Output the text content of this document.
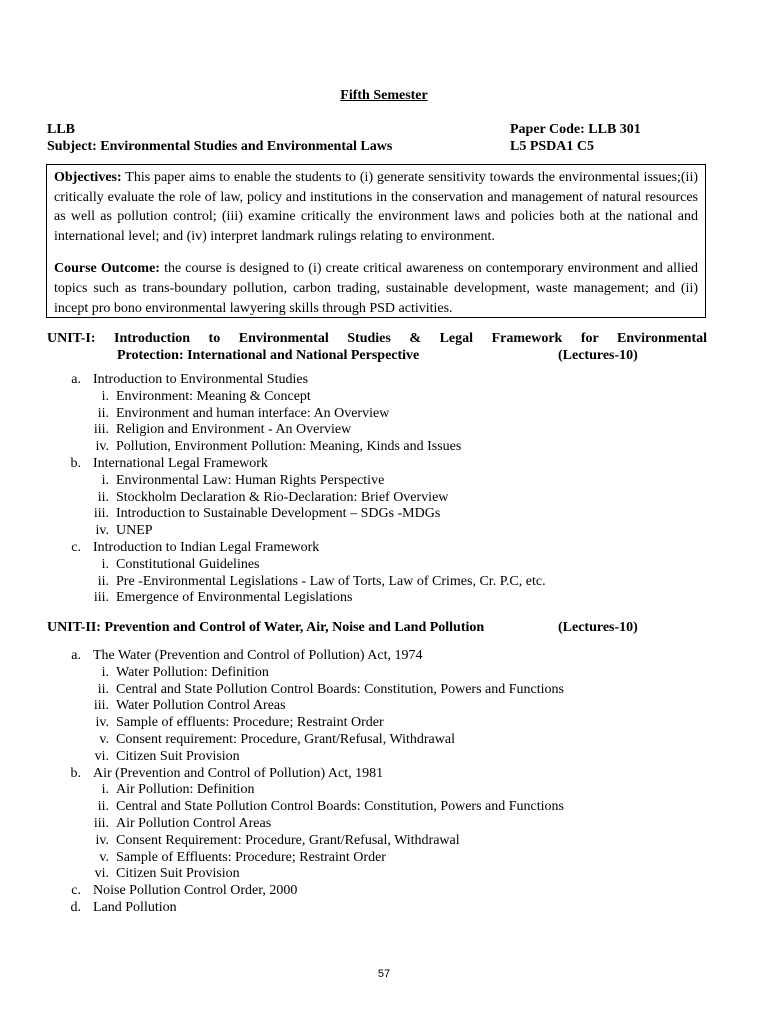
Fifth Semester
LLB	Paper Code: LLB 301
Subject: Environmental Studies and Environmental Laws	L5 PSDA1 C5

Objectives: This paper aims to enable the students to (i) generate sensitivity towards the environmental issues;(ii) critically evaluate the role of law, policy and institutions in the conservation and management of natural resources as well as pollution control; (iii) examine critically the environment laws and policies both at the national and international level; and (iv) interpret landmark rulings relating to environment.

Course Outcome: the course is designed to (i) create critical awareness on contemporary environment and allied topics such as trans-boundary pollution, carbon trading, sustainable development, waste management; and (ii) incept pro bono environmental lawyering skills through PSD activities.

UNIT-I: Introduction to Environmental Studies & Legal Framework for Environmental
Protection: International and National Perspective	(Lectures-10)
a. Introduction to Environmental Studies
i. Environment: Meaning & Concept
ii. Environment and human interface: An Overview
iii. Religion and Environment - An Overview
iv. Pollution, Environment Pollution: Meaning, Kinds and Issues
b. International Legal Framework
i. Environmental Law: Human Rights Perspective
ii. Stockholm Declaration & Rio-Declaration: Brief Overview
iii. Introduction to Sustainable Development – SDGs -MDGs
iv. UNEP
c. Introduction to Indian Legal Framework
i. Constitutional Guidelines
ii. Pre -Environmental Legislations - Law of Torts, Law of Crimes, Cr. P.C, etc.
iii. Emergence of Environmental Legislations
UNIT-II: Prevention and Control of Water, Air, Noise and Land Pollution	(Lectures-10)
a. The Water (Prevention and Control of Pollution) Act, 1974
i. Water Pollution: Definition
ii. Central and State Pollution Control Boards: Constitution, Powers and Functions
iii. Water Pollution Control Areas
iv. Sample of effluents: Procedure; Restraint Order
v. Consent requirement: Procedure, Grant/Refusal, Withdrawal
vi. Citizen Suit Provision
b. Air (Prevention and Control of Pollution) Act, 1981
i. Air Pollution: Definition
ii. Central and State Pollution Control Boards: Constitution, Powers and Functions
iii. Air Pollution Control Areas
iv. Consent Requirement: Procedure, Grant/Refusal, Withdrawal
v. Sample of Effluents: Procedure; Restraint Order
vi. Citizen Suit Provision
c. Noise Pollution Control Order, 2000
d. Land Pollution
57
